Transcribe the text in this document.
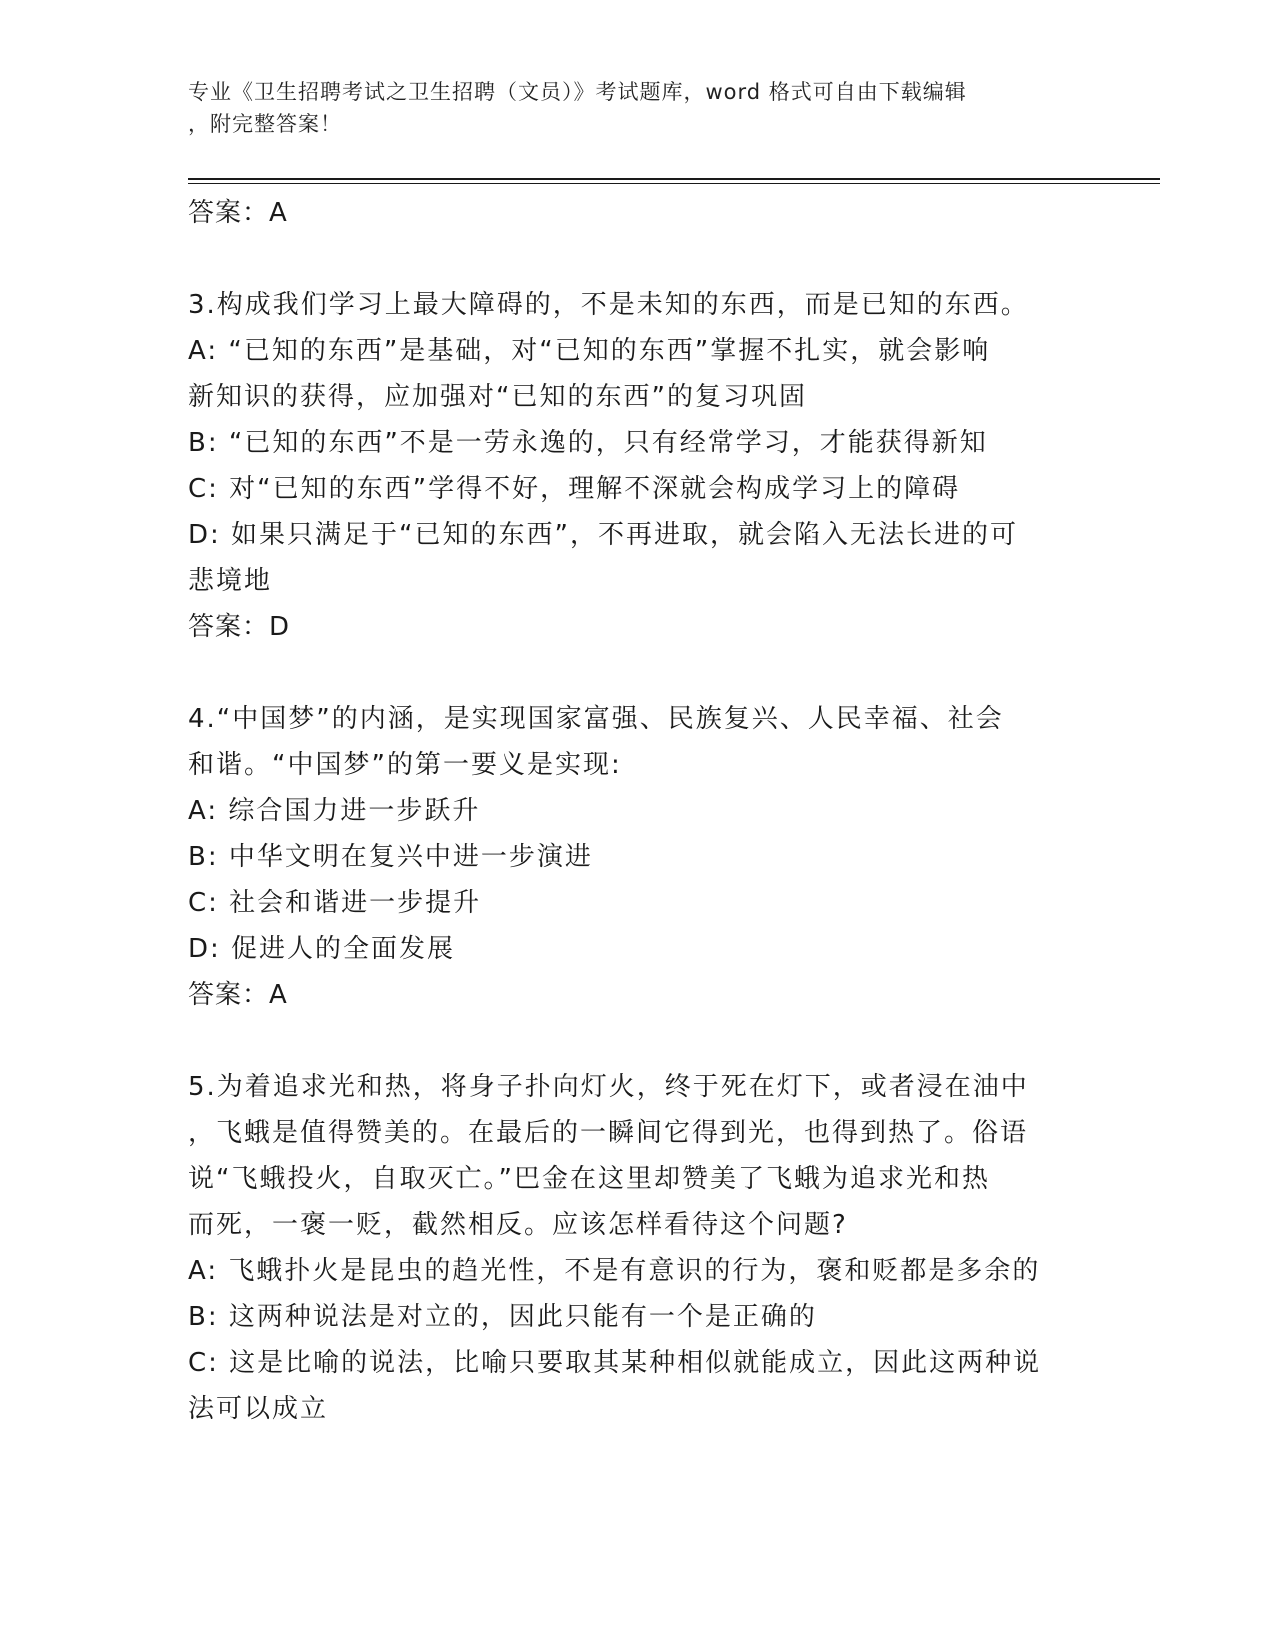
专业《卫生招聘考试之卫生招聘（文员）》考试题库，word 格式可自由下载编辑
，附完整答案！
答案：A
3.构成我们学习上最大障碍的，不是未知的东西，而是已知的东西。
A: “已知的东西”是基础，对“已知的东西”掌握不扎实，就会影响
新知识的获得，应加强对“已知的东西”的复习巩固
B: “已知的东西”不是一劳永逸的，只有经常学习，才能获得新知
C: 对“已知的东西”学得不好，理解不深就会构成学习上的障碍
D: 如果只满足于“已知的东西”，不再进取，就会陷入无法长进的可
悲境地
答案：D
4.“中国梦”的内涵，是实现国家富强、民族复兴、人民幸福、社会
和谐。“中国梦”的第一要义是实现:
A: 综合国力进一步跃升
B: 中华文明在复兴中进一步演进
C: 社会和谐进一步提升
D: 促进人的全面发展
答案：A
5.为着追求光和热，将身子扑向灯火，终于死在灯下，或者浸在油中
，飞蛾是值得赞美的。在最后的一瞬间它得到光，也得到热了。俗语
说“飞蛾投火，自取灭亡。”巴金在这里却赞美了飞蛾为追求光和热
而死，一褒一贬，截然相反。应该怎样看待这个问题?
A: 飞蛾扑火是昆虫的趋光性，不是有意识的行为，褒和贬都是多余的
B: 这两种说法是对立的，因此只能有一个是正确的
C: 这是比喻的说法，比喻只要取其某种相似就能成立，因此这两种说
法可以成立
